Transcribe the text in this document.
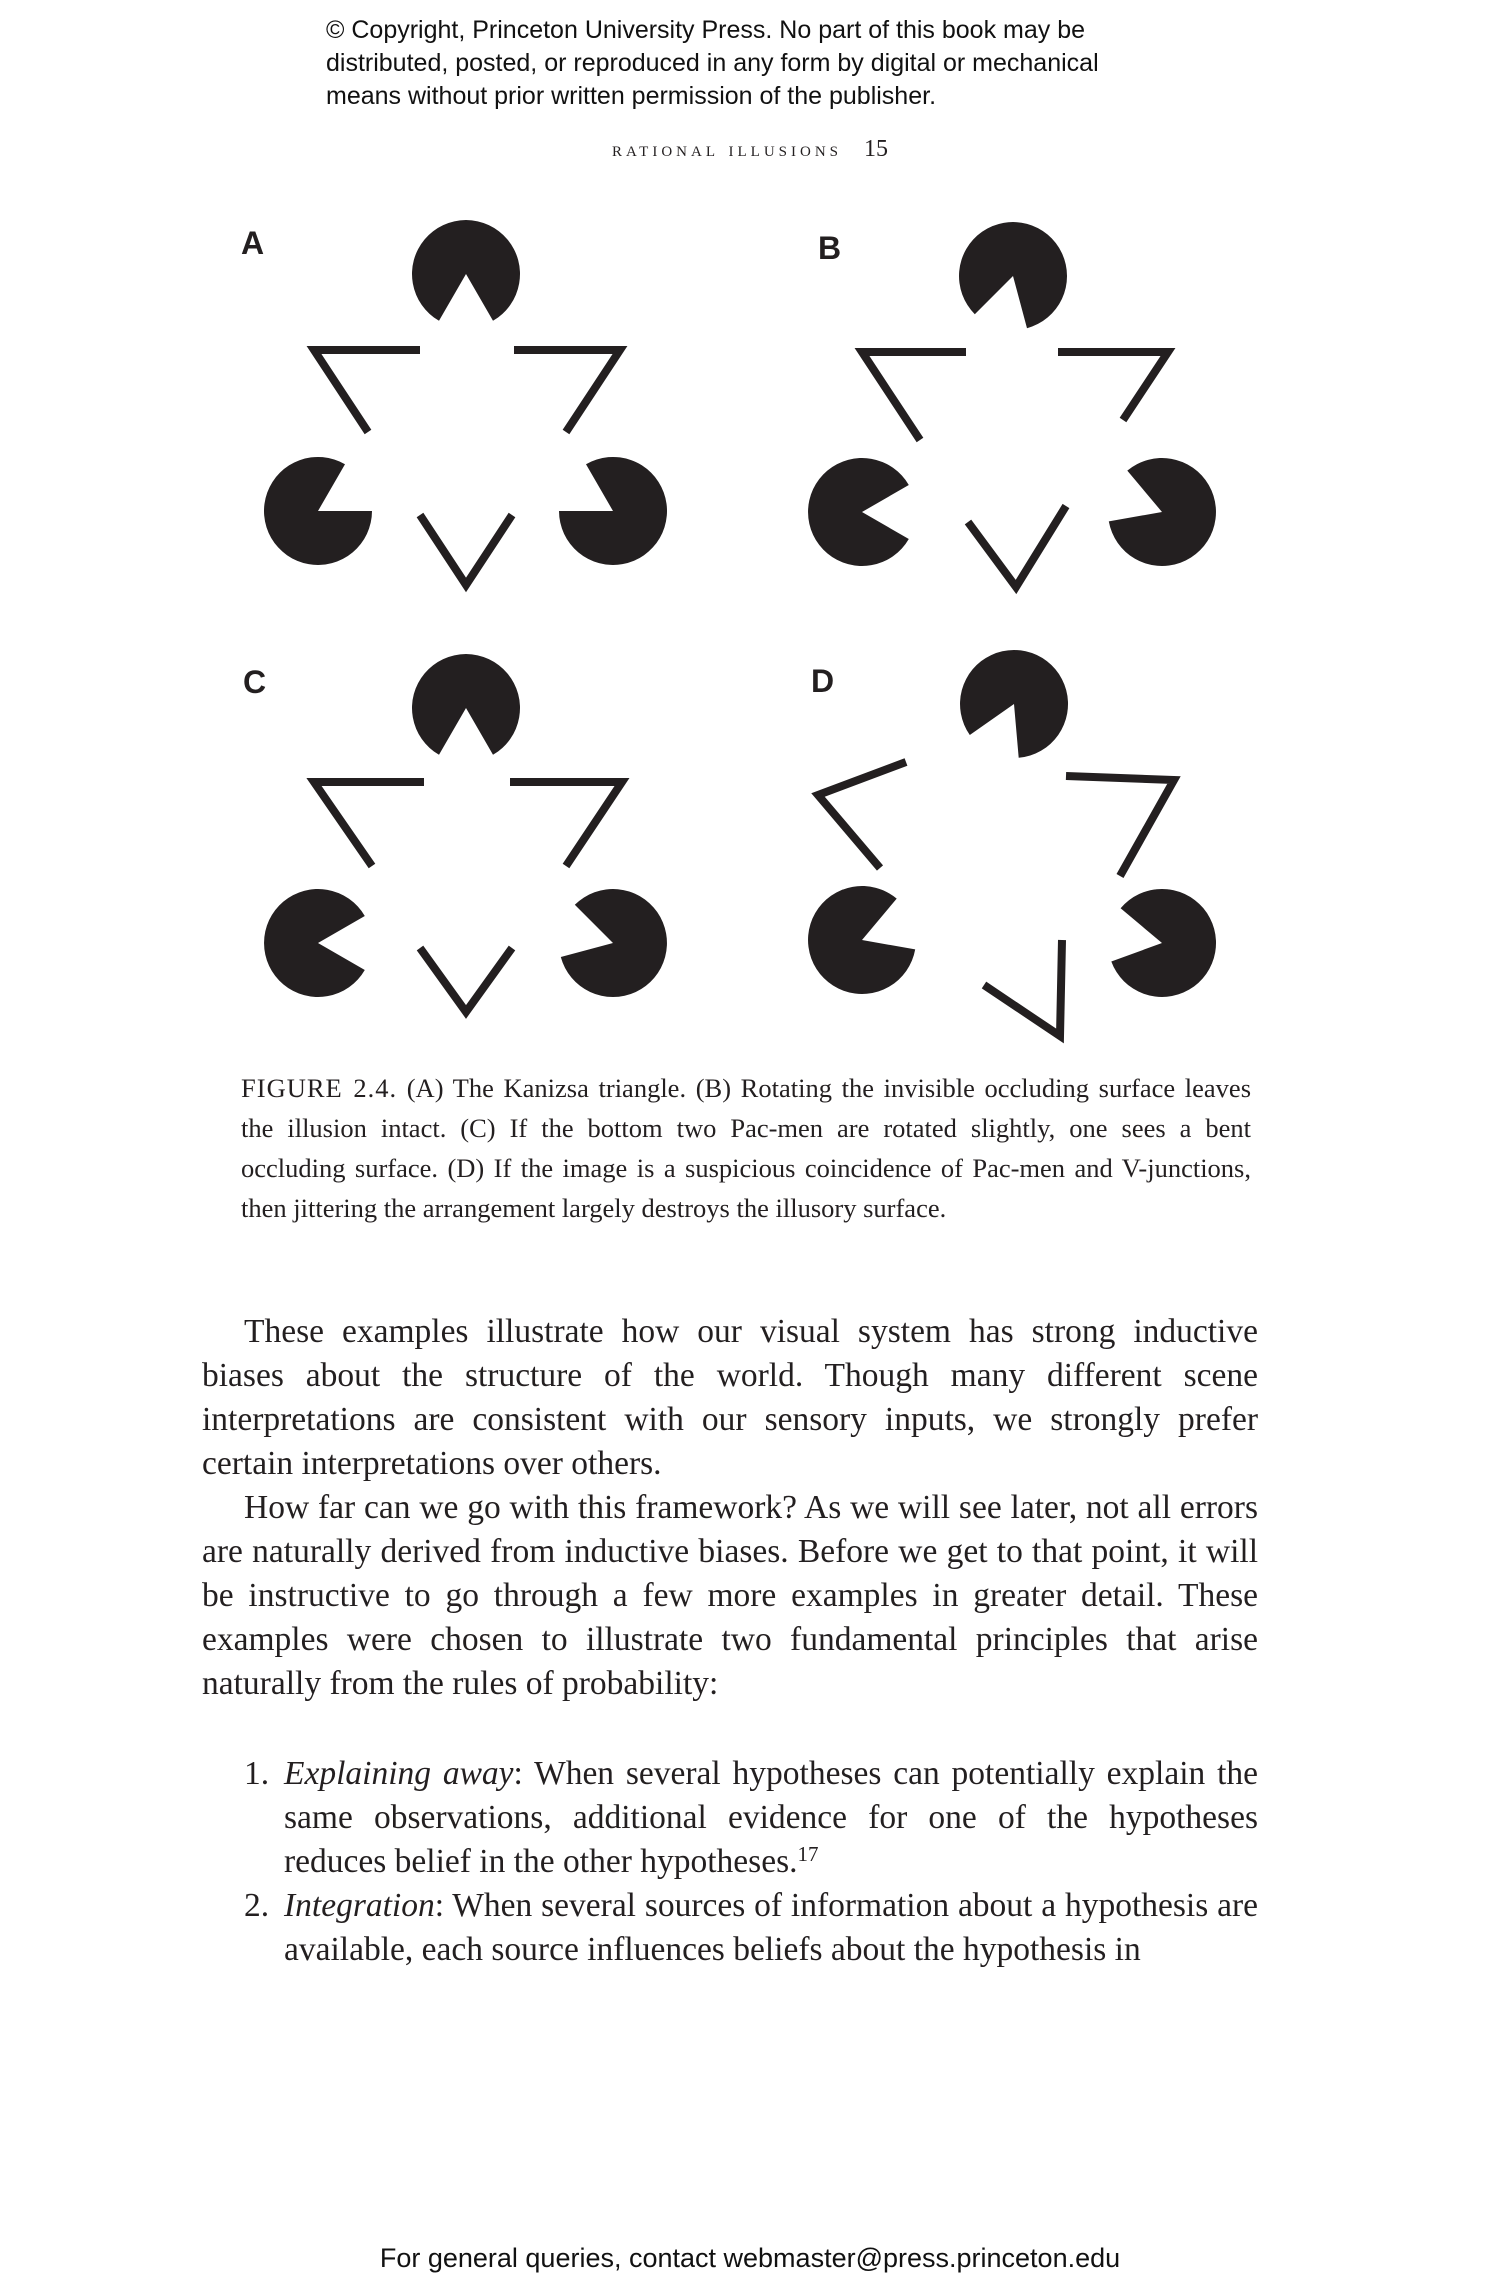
© Copyright, Princeton University Press. No part of this book may be
distributed, posted, or reproduced in any form by digital or mechanical
means without prior written permission of the publisher.
rational illusions 15
A	B
C	D
FIGURE 2.4. (A) The Kanizsa triangle. (B) Rotating the invisible occluding surface leaves the illusion intact. (C) If the bottom two Pac-men are rotated slightly, one sees a bent occluding surface. (D) If the image is a suspicious coincidence of Pac-men and V-junctions, then jittering the arrangement largely destroys the illusory surface.
These examples illustrate how our visual system has strong inductive biases about the structure of the world. Though many different scene interpretations are consistent with our sensory inputs, we strongly prefer certain interpretations over others.
How far can we go with this framework? As we will see later, not all errors are naturally derived from inductive biases. Before we get to that point, it will be instructive to go through a few more examples in greater detail. These examples were chosen to illustrate two fundamental principles that arise naturally from the rules of probability:
1. Explaining away: When several hypotheses can potentially explain the same observations, additional evidence for one of the hypotheses reduces belief in the other hypotheses.$^{17}$
2. Integration: When several sources of information about a hypothesis are available, each source influences beliefs about the hypothesis in
For general queries, contact webmaster@press.princeton.edu
